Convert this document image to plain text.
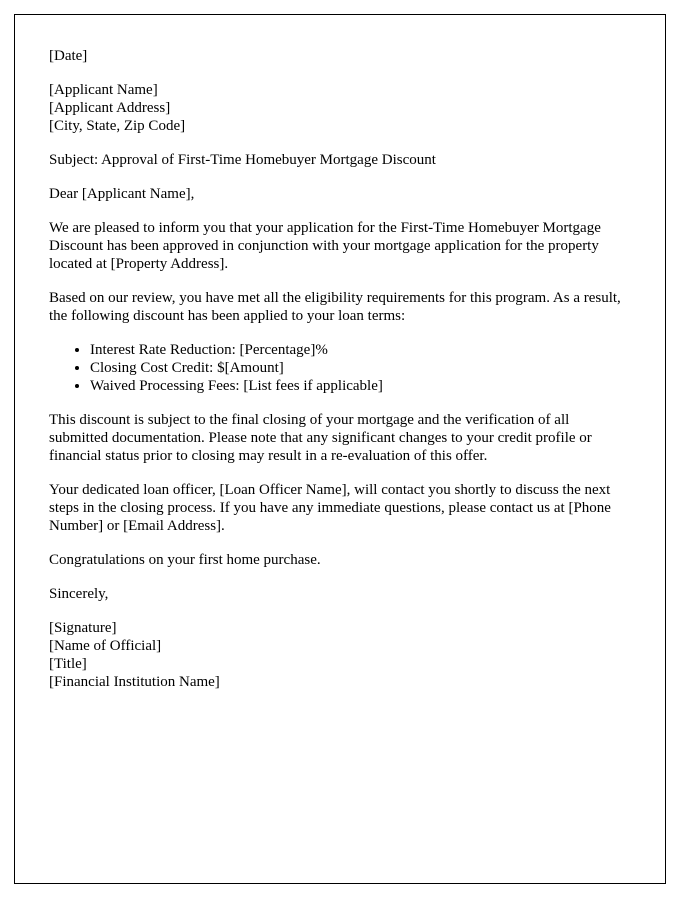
[Date]

[Applicant Name]

[Applicant Address]

[City, State, Zip Code]

Subject: Approval of First-Time Homebuyer Mortgage Discount

Dear [Applicant Name],

We are pleased to inform you that your application for the First-Time Homebuyer Mortgage Discount has been approved in conjunction with your mortgage application for the property located at [Property Address].

Based on our review, you have met all the eligibility requirements for this program. As a result, the following discount has been applied to your loan terms:

• Interest Rate Reduction: [Percentage]%
• Closing Cost Credit: $[Amount]
• Waived Processing Fees: [List fees if applicable]

This discount is subject to the final closing of your mortgage and the verification of all submitted documentation. Please note that any significant changes to your credit profile or financial status prior to closing may result in a re-evaluation of this offer.

Your dedicated loan officer, [Loan Officer Name], will contact you shortly to discuss the next steps in the closing process. If you have any immediate questions, please contact us at [Phone Number] or [Email Address].

Congratulations on your first home purchase.

Sincerely,

[Signature]

[Name of Official]

[Title]

[Financial Institution Name]
